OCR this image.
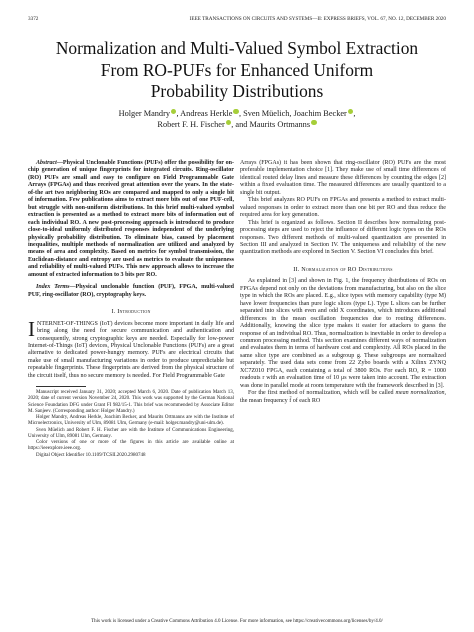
3372	IEEE TRANSACTIONS ON CIRCUITS AND SYSTEMS—II: EXPRESS BRIEFS, VOL. 67, NO. 12, DECEMBER 2020
Normalization and Multi-Valued Symbol Extraction
From RO-PUFs for Enhanced Uniform
Probability Distributions
Holger Mandry , Andreas Herkle , Sven Müelich, Joachim Becker ,
Robert F. H. Fischer , and Maurits Ortmanns

Abstract—Physical Unclonable Functions (PUFs) offer the possibility for on-chip generation of unique fingerprints for integrated circuits. Ring-oscillator (RO) PUFs are small and easy to configure on Field Programmable Gate Arrays (FPGAs) and thus received great attention over the years. In the state-of-the art two neighboring ROs are compared and mapped to only a single bit of information. Few publications aims to extract more bits out of one PUF-cell, but struggle with non-uniform distributions. In this brief multi-valued symbol extraction is presented as a method to extract more bits of information out of each individual RO. A new post-processing approach is introduced to produce close-to-ideal uniformly distributed responses independent of the underlying physically probability distribution. To eliminate bias, caused by placement inequalities, multiple methods of normalization are utilized and analyzed by means of area and complexity. Based on metrics for symbol transmission, the Euclidean-distance and entropy are used as metrics to evaluate the uniqueness and reliability of multi-valued PUFs. This new approach allows to increase the amount of extracted information to 3 bits per RO.

Index Terms—Physical unclonable function (PUF), FPGA, multi-valued PUF, ring-oscillator (RO), cryptography keys.

I. Introduction

INTERNET-OF-THINGS (IoT) devices become more important in daily life and bring along the need for secure communication and authentication and consequently, strong cryptographic keys are needed. Especially for low-power Internet-of-Things (IoT) devices, Physical Unclonable Functions (PUFs) are a great alternative to dedicated power-hungry memory. PUFs are electrical circuits that make use of small manufacturing variations in order to produce unpredictable but repeatable fingerprints. These fingerprints are derived from the physical structure of the circuit itself, thus no secure memory is needed. For Field Programmable Gate

Manuscript received January 31, 2020; accepted March 6, 2020. Date of publication March 13, 2020; date of current version November 24, 2020. This work was supported by the German National Science Foundation DFG under Grant FI 982/15-1. This brief was recommended by Associate Editor M. Sanjeev. (Corresponding author: Holger Mandry.)

Holger Mandry, Andreas Herkle, Joachim Becker, and Maurits Ortmanns are with the Institute of Microelectronics, University of Ulm, 89081 Ulm, Germany (e-mail: holger.mandry@uni-ulm.de).

Sven Müelich and Robert F. H. Fischer are with the Institute of Communications Engineering, University of Ulm, 89081 Ulm, Germany.

Color versions of one or more of the figures in this article are available online at https://ieeexplore.ieee.org.

Digital Object Identifier 10.1109/TCSII.2020.2980748

Arrays (FPGAs) it has been shown that ring-oscillator (RO) PUFs are the most preferable implementation choice [1]. They make use of small time differences of identical routed delay lines and measure these differences by counting the edges [2] within a fixed evaluation time. The measured differences are usually quantized to a single bit output.

This brief analyzes RO PUFs on FPGAs and presents a method to extract multi-valued responses in order to extract more than one bit per RO and thus reduce the required area for key generation.

This brief is organized as follows. Section II describes how normalizing post-processing steps are used to reject the influence of different logic types on the ROs responses. Two different methods of multi-valued quantization are presented in Section III and analyzed in Section IV. The uniqueness and reliability of the new quantization methods are explored in Section V. Section VI concludes this brief.

II. Normalization of RO Distributions

As explained in [3] and shown in Fig. 1, the frequency distributions of ROs on FPGAs depend not only on the deviations from manufacturing, but also on the slice type in which the ROs are placed. E.g., slice types with memory capability (type M) have lower frequencies than pure logic slices (type L). Type L slices can be further separated into slices with even and odd X coordinates, which introduces additional differences in the mean oscillation frequencies due to routing differences. Additionally, knowing the slice type makes it easier for attackers to guess the response of an individual RO. Thus, normalization is inevitable in order to develop a common processing method. This section examines different ways of normalization and evaluates them in terms of hardware cost and complexity. All ROs placed in the same slice type are combined as a subgroup g. These subgroups are normalized separately. The used data sets come from 22 Zybo boards with a Xilinx ZYNQ XC7Z010 FPGA, each containing a total of 3800 ROs. For each RO, R = 1000 readouts r with an evaluation time of 10 μs were taken into account. The extraction was done in parallel mode at room temperature with the framework described in [3].

For the first method of normalization, which will be called mean normalization, the mean frequency f̄ of each RO

This work is licensed under a Creative Commons Attribution 4.0 License. For more information, see https://creativecommons.org/licenses/by/4.0/
